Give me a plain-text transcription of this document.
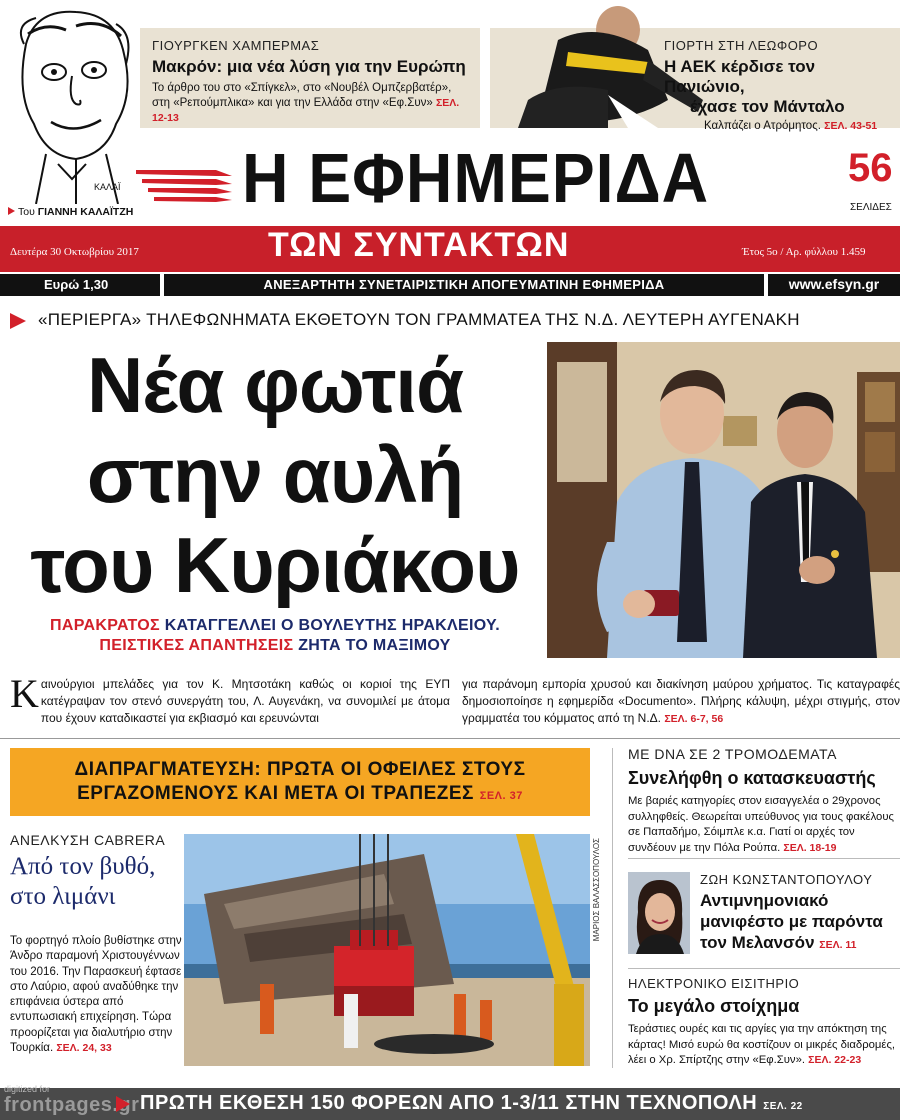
ΓΙΟΥΡΓΚΕΝ ΧΑΜΠΕΡΜΑΣ
Μακρόν: μια νέα λύση για την Ευρώπη
Το άρθρο του στο «Σπίγκελ», στο «Νουβέλ Ομπζερβατέρ», στη «Ρεπούμπλικα» και για την Ελλάδα στην «Εφ.Συν» ΣΕΛ. 12-13
ΓΙΟΡΤΗ ΣΤΗ ΛΕΩΦΟΡΟ
Η ΑΕΚ κέρδισε τον Πανιώνιο,
έχασε τον Μάνταλο
Καλπάζει ο Ατρόμητος. ΣΕΛ. 43-51
ΚΑΛΑΪ
Του ΓΙΑΝΝΗ ΚΑΛΑΪΤΖΗ Η ΕΦΗΜΕΡΙΔΑ	56
ΣΕΛΙΔΕΣ
Δευτέρα 30 Οκτωβρίου 2017	ΤΩΝ ΣΥΝΤΑΚΤΩΝ	Έτος 5ο / Αρ. φύλλου 1.459
Ευρώ 1,30	ΑΝΕΞΑΡΤΗΤΗ ΣΥΝΕΤΑΙΡΙΣΤΙΚΗ ΑΠΟΓΕΥΜΑΤΙΝΗ ΕΦΗΜΕΡΙΔΑ	www.efsyn.gr
«ΠΕΡΙΕΡΓΑ» ΤΗΛΕΦΩΝΗΜΑΤΑ ΕΚΘΕΤΟΥΝ ΤΟΝ ΓΡΑΜΜΑΤΕΑ ΤΗΣ Ν.Δ. ΛΕΥΤΕΡΗ ΑΥΓΕΝΑΚΗ
Νέα φωτιά
στην αυλή
του Κυριάκου
ΠΑΡΑΚΡΑΤΟΣ ΚΑΤΑΓΓΕΛΛΕΙ Ο ΒΟΥΛΕΥΤΗΣ ΗΡΑΚΛΕΙΟΥ.
ΠΕΙΣΤΙΚΕΣ ΑΠΑΝΤΗΣΕΙΣ ΖΗΤΑ ΤΟ ΜΑΞΙΜΟΥ
Καινούργιοι μπελάδες για τον Κ. Μητσοτάκη καθώς οι κοριοί της ΕΥΠ κατέγραψαν τον στενό συνεργάτη του, Λ. Αυγενάκη, να συνομιλεί με άτομα που έχουν καταδικαστεί για εκβιασμό και ερευνώνται
για παράνομη εμπορία χρυσού και διακίνηση μαύρου χρήματος. Τις καταγραφές δημοσιοποίησε η εφημερίδα «Documento». Πλήρης κάλυψη, μέχρι στιγμής, στον γραμματέα του κόμματος από τη Ν.Δ. ΣΕΛ. 6-7, 56
ΔΙΑΠΡΑΓΜΑΤΕΥΣΗ: ΠΡΩΤΑ ΟΙ ΟΦΕΙΛΕΣ ΣΤΟΥΣ
ΕΡΓΑΖΟΜΕΝΟΥΣ ΚΑΙ ΜΕΤΑ ΟΙ ΤΡΑΠΕΖΕΣ ΣΕΛ. 37
ΑΝΕΛΚΥΣΗ CABRERA
Από τον βυθό,
στο λιμάνι
Το φορτηγό πλοίο βυθίστηκε στην Άνδρο παραμονή Χριστουγέννων του 2016. Την Παρασκευή έφτασε στο Λαύριο, αφού αναδύθηκε την επιφάνεια ύστερα από εντυπωσιακή επιχείρηση. Τώρα προορίζεται για διαλυτήριο στην Τουρκία. ΣΕΛ. 24, 33
ΜΑΡΙΟΣ ΒΑΛΑΣΣΟΠΟΥΛΟΣ
ΜΕ DNA ΣΕ 2 ΤΡΟΜΟΔΕΜΑΤΑ
Συνελήφθη ο κατασκευαστής
Με βαριές κατηγορίες στον εισαγγελέα ο 29χρονος συλληφθείς. Θεωρείται υπεύθυνος για τους φακέλους σε Παπαδήμο, Σόιμπλε κ.α. Γιατί οι αρχές τον συνδέουν με την Πόλα Ρούπα. ΣΕΛ. 18-19
ΖΩΗ ΚΩΝΣΤΑΝΤΟΠΟΥΛΟΥ
Αντιμνημονιακό μανιφέστο με παρόντα τον Μελανσόν ΣΕΛ. 11
ΗΛΕΚΤΡΟΝΙΚΟ ΕΙΣΙΤΗΡΙΟ
Το μεγάλο στοίχημα
Τεράστιες ουρές και τις αργίες για την απόκτηση της κάρτας! Μισό ευρώ θα κοστίζουν οι μικρές διαδρομές, λέει ο Χρ. Σπίρτζης στην «Εφ.Συν». ΣΕΛ. 22-23
digitized for
frontpages.gr ΠΡΩΤΗ ΕΚΘΕΣΗ 150 ΦΟΡΕΩΝ ΑΠΟ 1-3/11 ΣΤΗΝ ΤΕΧΝΟΠΟΛΗ ΣΕΛ. 22
